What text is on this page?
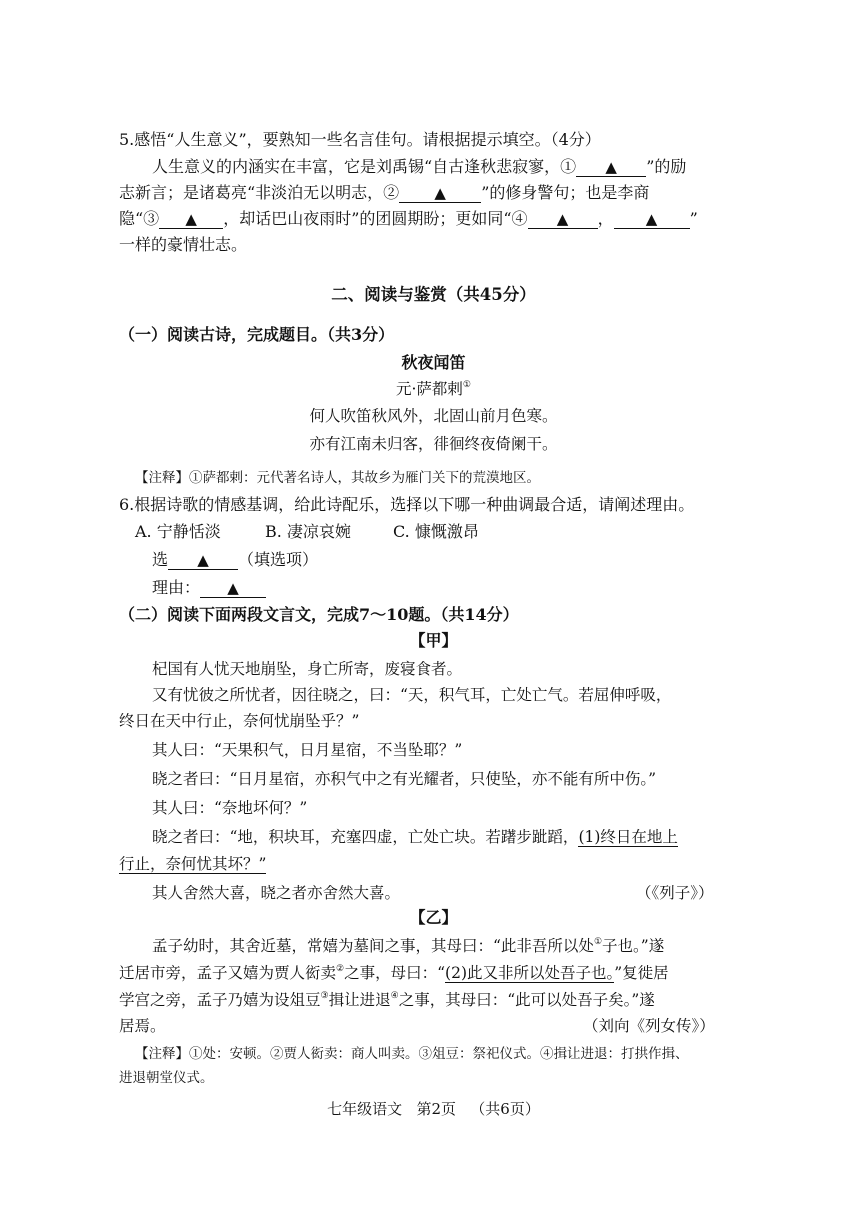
5.感悟“人生意义”，要熟知一些名言佳句。请根据提示填空。（4分）
人生意义的内涵实在丰富，它是刘禹锡“自古逢秋悲寂寥，① ▲ ”的励
志新言；是诸葛亮“非淡泊无以明志，② ▲ ”的修身警句；也是李商
隐“③ ▲ ，却话巴山夜雨时”的团圆期盼；更如同“④ ▲ ， ▲ ”
一样的豪情壮志。
二、阅读与鉴赏（共45分）
（一）阅读古诗，完成题目。（共3分）
秋夜闻笛
元·萨都剌①
何人吹笛秋风外，北固山前月色寒。
亦有江南未归客，徘徊终夜倚阑干。
【注释】①萨都剌：元代著名诗人，其故乡为雁门关下的荒漠地区。
6.根据诗歌的情感基调，给此诗配乐，选择以下哪一种曲调最合适，请阐述理由。
A. 宁静恬淡	B. 凄凉哀婉	C. 慷慨激昂
选 ▲ （填选项）
理由： ▲
（二）阅读下面两段文言文，完成7～10题。（共14分）
【甲】
杞国有人忧天地崩坠，身亡所寄，废寝食者。
又有忧彼之所忧者，因往晓之，曰：“天，积气耳，亡处亡气。若屈伸呼吸，
终日在天中行止，奈何忧崩坠乎？”
其人曰：“天果积气，日月星宿，不当坠耶？”
晓之者曰：“日月星宿，亦积气中之有光耀者，只使坠，亦不能有所中伤。”
其人曰：“奈地坏何？”
晓之者曰：“地，积块耳，充塞四虚，亡处亡块。若躇步跐蹈，(1)终日在地上
行止，奈何忧其坏？”
其人舍然大喜，晓之者亦舍然大喜。	（《列子》）
【乙】
孟子幼时，其舍近墓，常嬉为墓间之事，其母曰：“此非吾所以处①子也。”遂
迁居市旁，孟子又嬉为贾人衒卖②之事，母曰：“(2)此又非所以处吾子也。”复徙居
学宫之旁，孟子乃嬉为设俎豆③揖让进退④之事，其母曰：“此可以处吾子矣。”遂
居焉。	（刘向《列女传》）
【注释】①处：安顿。②贾人衒卖：商人叫卖。③俎豆：祭祀仪式。④揖让进退：打拱作揖、
进退朝堂仪式。
七年级语文   第2页   （共6页）
